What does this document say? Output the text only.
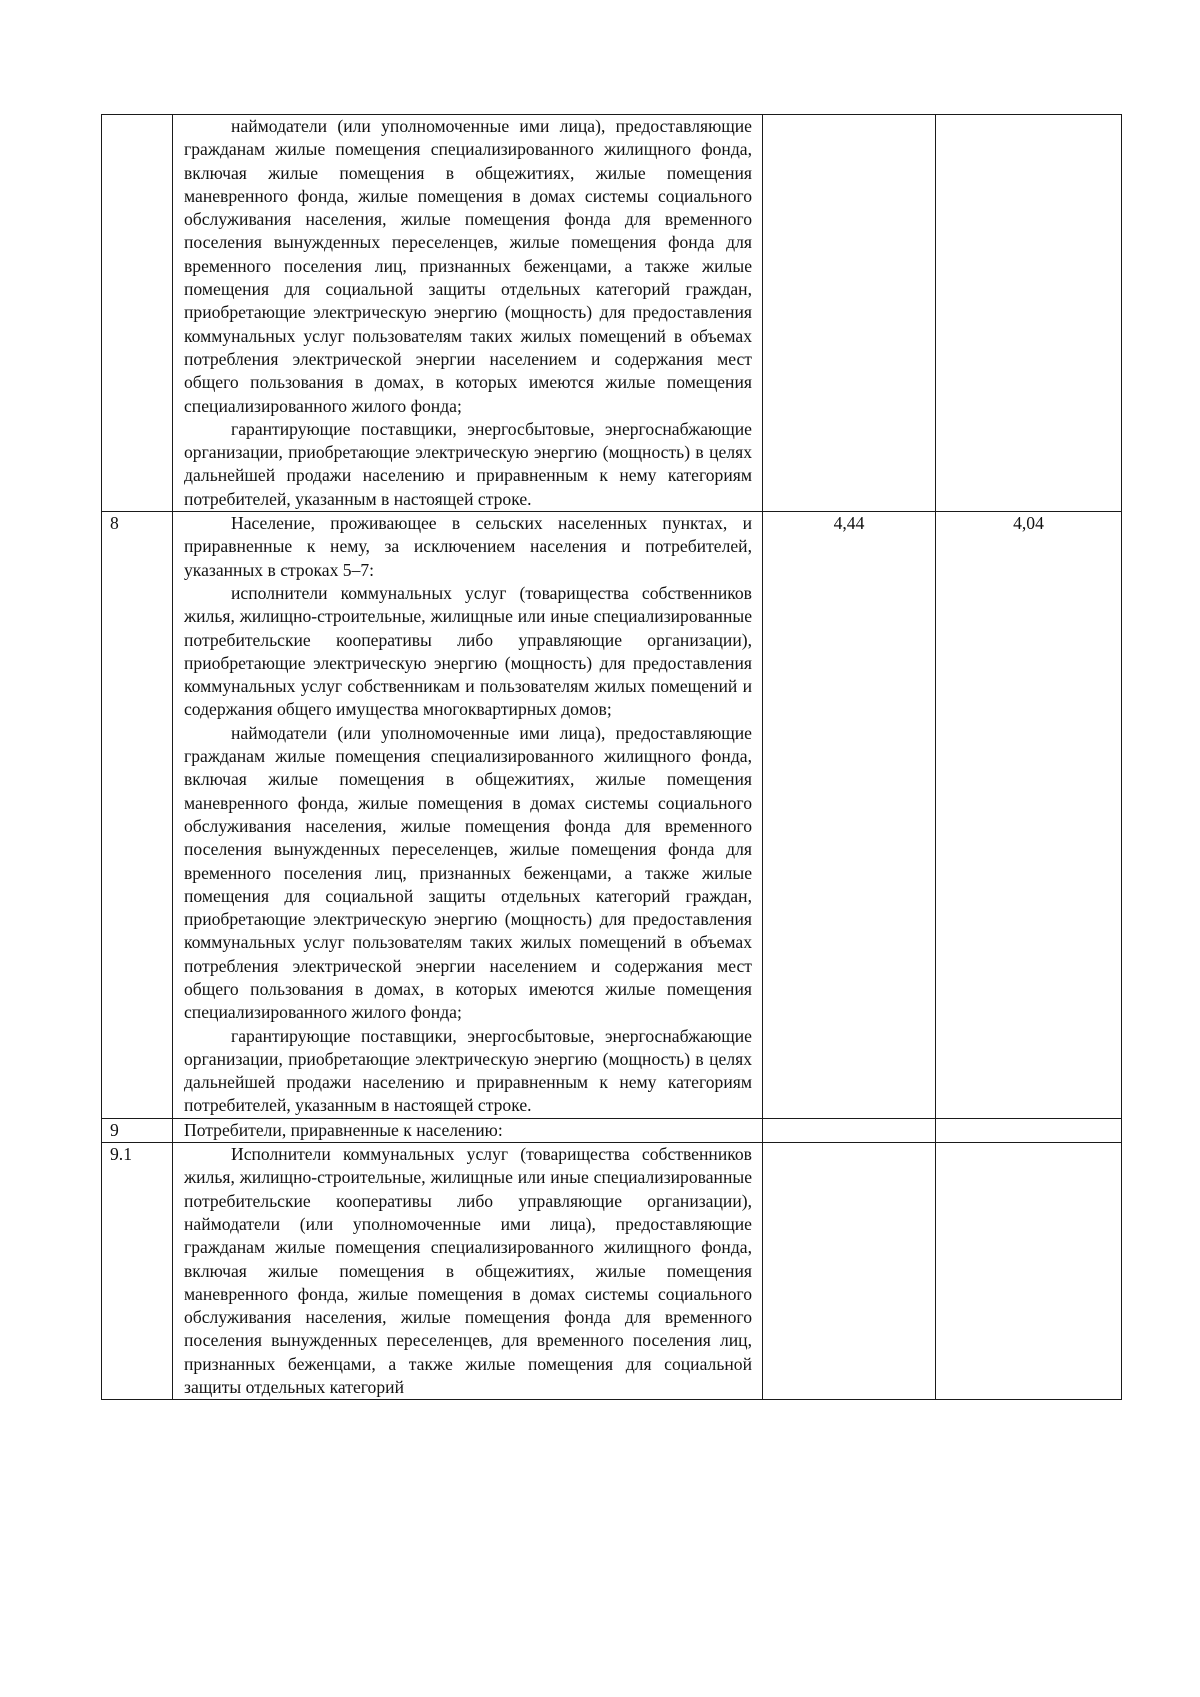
	наймодатели (или уполномоченные ими лица), предоставляющие гражданам жилые помещения специализированного жилищного фонда, включая жилые помещения в общежитиях, жилые помещения маневренного фонда, жилые помещения в домах системы социального обслуживания населения, жилые помещения фонда для временного поселения вынужденных переселенцев, жилые помещения фонда для временного поселения лиц, признанных беженцами, а также жилые помещения для социальной защиты отдельных категорий граждан, приобретающие электрическую энергию (мощность) для предоставления коммунальных услуг пользователям таких жилых помещений в объемах потребления электрической энергии населением и содержания мест общего пользования в домах, в которых имеются жилые помещения специализированного жилого фонда;

гарантирующие поставщики, энергосбытовые, энергоснабжающие организации, приобретающие электрическую энергию (мощность) в целях дальнейшей продажи населению и приравненным к нему категориям потребителей, указанным в настоящей строке.		

8	Население, проживающее в сельских населенных пунктах, и приравненные к нему, за исключением населения и потребителей, указанных в строках 5–7:

исполнители коммунальных услуг (товарищества собственников жилья, жилищно-строительные, жилищные или иные специализированные потребительские кооперативы либо управляющие организации), приобретающие электрическую энергию (мощность) для предоставления коммунальных услуг собственникам и пользователям жилых помещений и содержания общего имущества многоквартирных домов;

наймодатели (или уполномоченные ими лица), предоставляющие гражданам жилые помещения специализированного жилищного фонда, включая жилые помещения в общежитиях, жилые помещения маневренного фонда, жилые помещения в домах системы социального обслуживания населения, жилые помещения фонда для временного поселения вынужденных переселенцев, жилые помещения фонда для временного поселения лиц, признанных беженцами, а также жилые помещения для социальной защиты отдельных категорий граждан, приобретающие электрическую энергию (мощность) для предоставления коммунальных услуг пользователям таких жилых помещений в объемах потребления электрической энергии населением и содержания мест общего пользования в домах, в которых имеются жилые помещения специализированного жилого фонда;

гарантирующие поставщики, энергосбытовые, энергоснабжающие организации, приобретающие электрическую энергию (мощность) в целях дальнейшей продажи населению и приравненным к нему категориям потребителей, указанным в настоящей строке.	4,44	4,04
9	Потребители, приравненные к населению:		

9.1	Исполнители коммунальных услуг (товарищества собственников жилья, жилищно-строительные, жилищные или иные специализированные потребительские кооперативы либо управляющие организации), наймодатели (или уполномоченные ими лица), предоставляющие гражданам жилые помещения специализированного жилищного фонда, включая жилые помещения в общежитиях, жилые помещения маневренного фонда, жилые помещения в домах системы социального обслуживания населения, жилые помещения фонда для временного поселения вынужденных переселенцев, для временного поселения лиц, признанных беженцами, а также жилые помещения для социальной защиты отдельных категорий		
